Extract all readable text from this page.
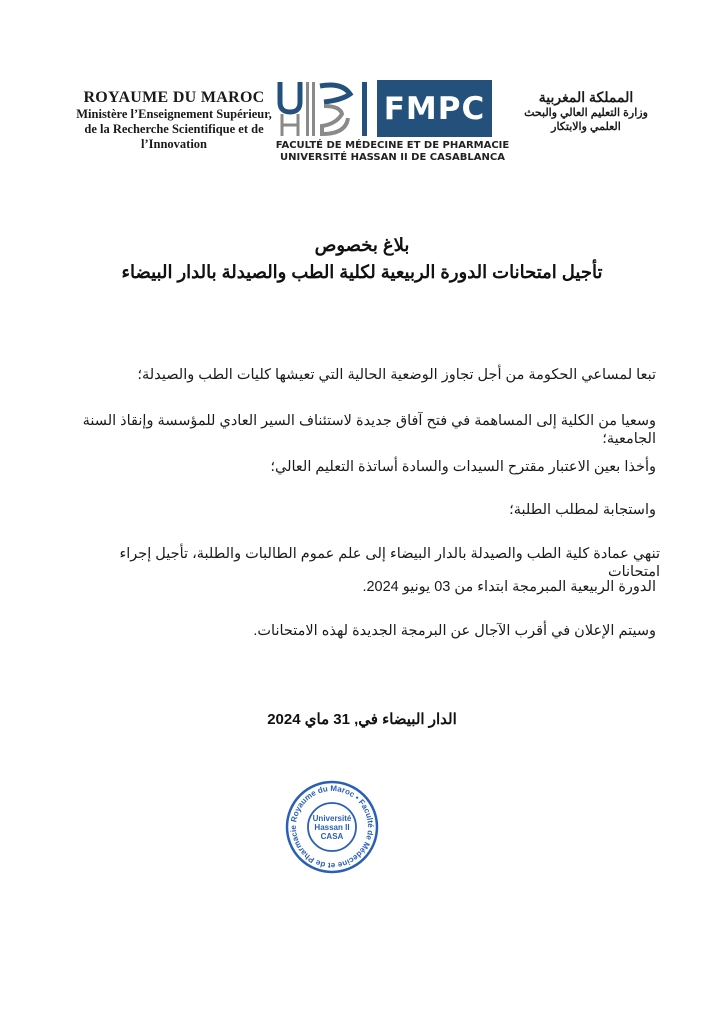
ROYAUME DU MAROC
Ministère l’Enseignement Supérieur,
de la Recherche Scientifique et de
l’Innovation
FMPC
FACULTÉ DE MÉDECINE ET DE PHARMACIE
UNIVERSITÉ HASSAN II DE CASABLANCA
المملكة المغربية
وزارة التعليم العالي والبحث
العلمي والابتكار
بلاغ بخصوص
تأجيل امتحانات الدورة الربيعية لكلية الطب والصيدلة بالدار البيضاء
تبعا لمساعي الحكومة من أجل تجاوز الوضعية الحالية التي تعيشها كليات الطب والصيدلة؛
وسعيا من الكلية إلى المساهمة في فتح آفاق جديدة لاستئناف السير العادي للمؤسسة وإنقاذ السنة الجامعية؛
وأخذا بعين الاعتبار مقترح السيدات والسادة أساتذة التعليم العالي؛
واستجابة لمطلب الطلبة؛
تنهي عمادة كلية الطب والصيدلة بالدار البيضاء إلى علم عموم الطالبات والطلبة، تأجيل إجراء امتحانات
الدورة الربيعية المبرمجة ابتداء من 03 يونيو 2024.
وسيتم الإعلان في أقرب الآجال عن البرمجة الجديدة لهذه الامتحانات.
الدار البيضاء في, 31 ماي 2024
Royaume du Maroc • Faculté de Médecine et de Pharmacie
Université
Hassan II
CASA
